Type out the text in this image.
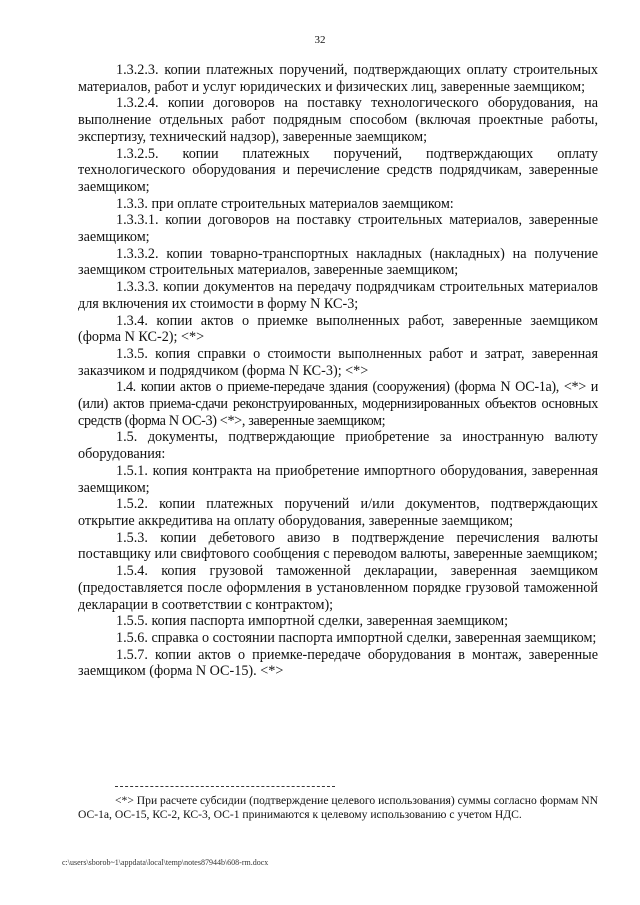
32

1.3.2.3. копии платежных поручений, подтверждающих оплату строительных материалов, работ и услуг юридических и физических лиц, заверенные заемщиком;

1.3.2.4. копии договоров на поставку технологического оборудования, на выполнение отдельных работ подрядным способом (включая проектные работы, экспертизу, технический надзор), заверенные заемщиком;

1.3.2.5. копии платежных поручений, подтверждающих оплату технологического оборудования и перечисление средств подрядчикам, заверенные заемщиком;

1.3.3. при оплате строительных материалов заемщиком:

1.3.3.1. копии договоров на поставку строительных материалов, заверенные заемщиком;

1.3.3.2. копии товарно-транспортных накладных (накладных) на получение заемщиком строительных материалов, заверенные заемщиком;

1.3.3.3. копии документов на передачу подрядчикам строительных материалов для включения их стоимости в форму N КС-3;

1.3.4. копии актов о приемке выполненных работ, заверенные заемщиком (форма N КС-2); <*>

1.3.5. копия справки о стоимости выполненных работ и затрат, заверенная заказчиком и подрядчиком (форма N КС-3); <*>

1.4. копии актов о приеме-передаче здания (сооружения) (форма N ОС-1а), <*> и (или) актов приема-сдачи реконструированных, модернизированных объектов основных средств (форма N ОС-3) <*>, заверенные заемщиком;

1.5. документы, подтверждающие приобретение за иностранную валюту оборудования:

1.5.1. копия контракта на приобретение импортного оборудования, заверенная заемщиком;

1.5.2. копии платежных поручений и/или документов, подтверждающих открытие аккредитива на оплату оборудования, заверенные заемщиком;

1.5.3. копии дебетового авизо в подтверждение перечисления валюты поставщику или свифтового сообщения с переводом валюты, заверенные заемщиком;

1.5.4. копия грузовой таможенной декларации, заверенная заемщиком (предоставляется после оформления в установленном порядке грузовой таможенной декларации в соответствии с контрактом);

1.5.5. копия паспорта импортной сделки, заверенная заемщиком;

1.5.6. справка о состоянии паспорта импортной сделки, заверенная заемщиком;

1.5.7. копии актов о приемке-передаче оборудования в монтаж, заверенные заемщиком (форма N ОС-15). <*>

<*> При расчете субсидии (подтверждение целевого использования) суммы согласно формам NN ОС-1а, ОС-15, КС-2, КС-3, ОС-1 принимаются к целевому использованию с учетом НДС.
c:\users\sborob~1\appdata\local\temp\notes87944b\608-rm.docx
